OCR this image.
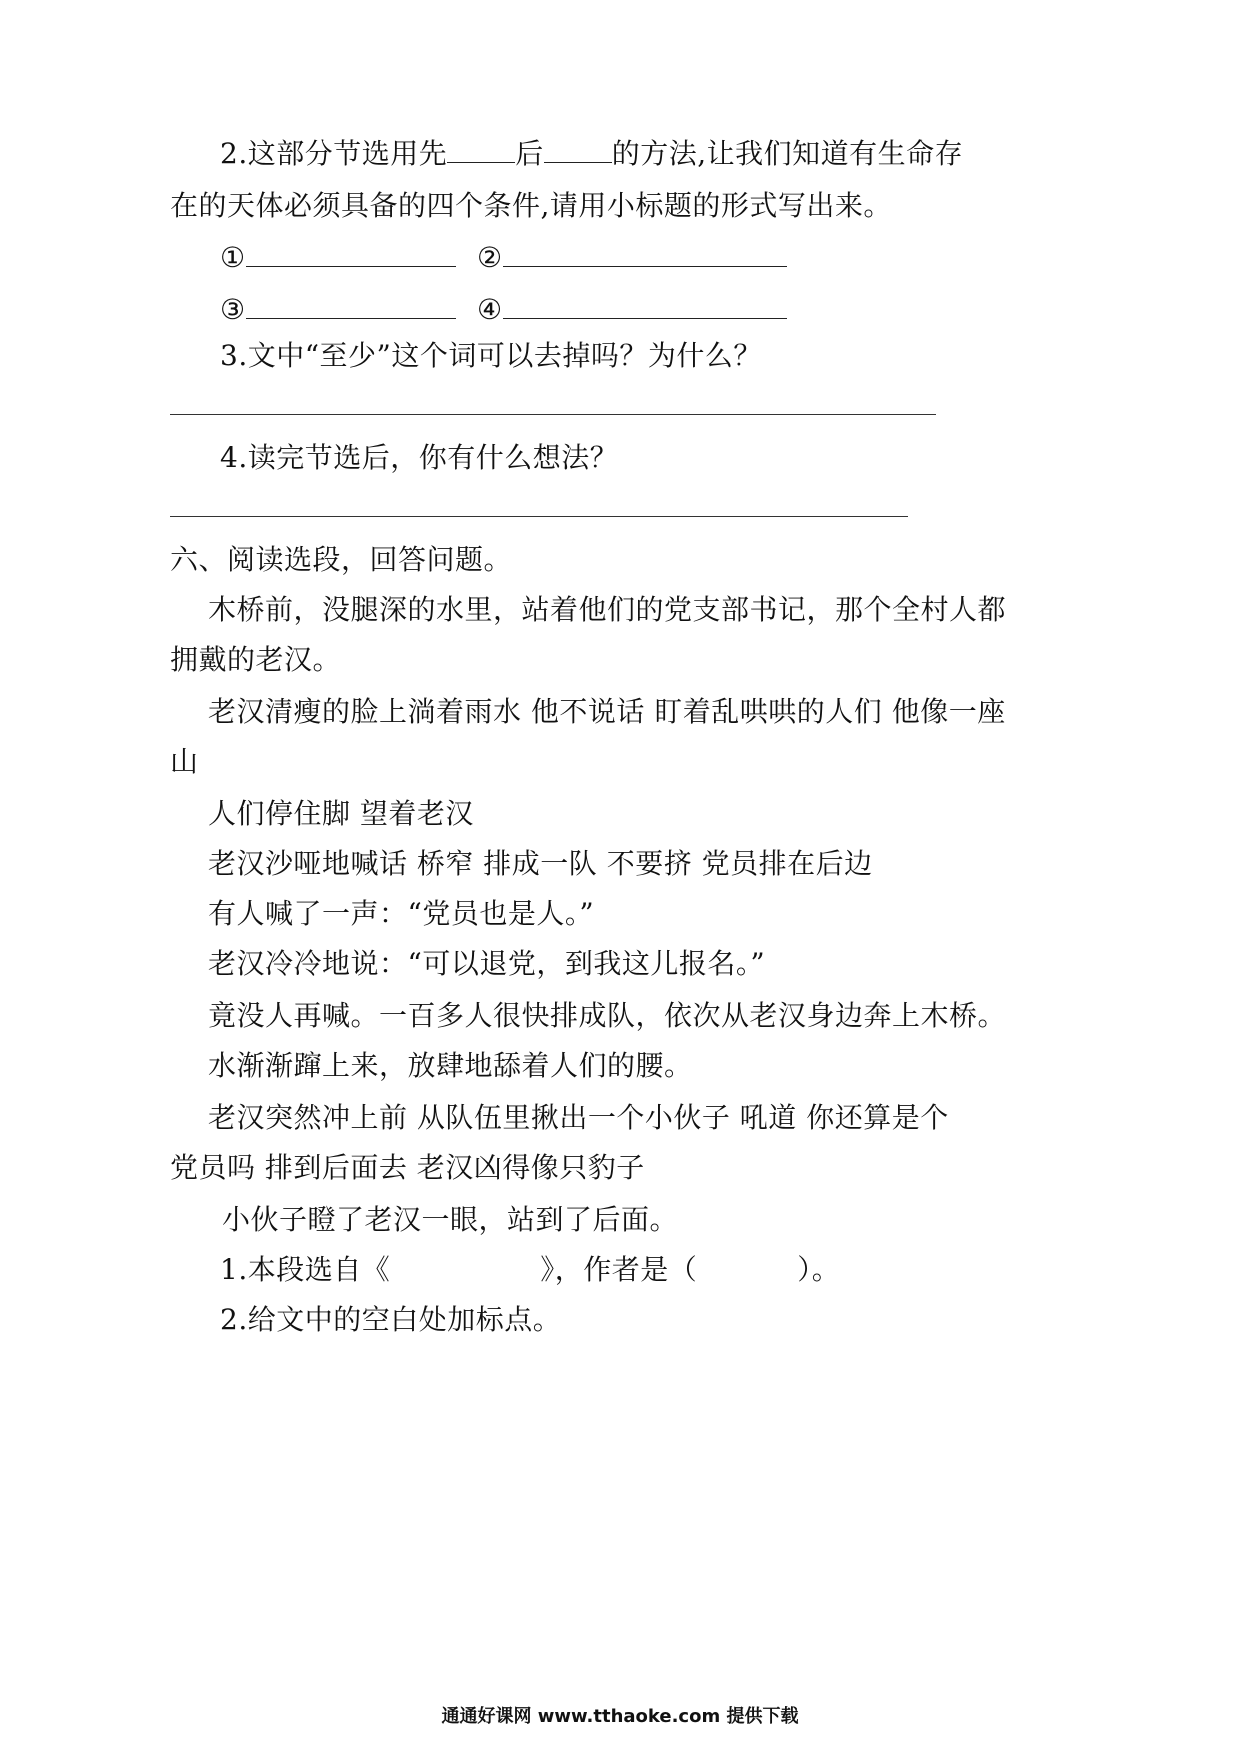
2.这部分节选用先 后 的方法,让我们知道有生命存
在的天体必须具备的四个条件,请用小标题的形式写出来。
①	②
③	④
3.文中“至少”这个词可以去掉吗？为什么？
4.读完节选后，你有什么想法？
六、阅读选段，回答问题。
木桥前，没腿深的水里，站着他们的党支部书记，那个全村人都
拥戴的老汉。
老汉清瘦的脸上淌着雨水 他不说话 盯着乱哄哄的人们 他像一座
山
人们停住脚 望着老汉
老汉沙哑地喊话 桥窄 排成一队 不要挤 党员排在后边
有人喊了一声：“党员也是人。”
老汉冷冷地说：“可以退党，到我这儿报名。”
竟没人再喊。一百多人很快排成队，依次从老汉身边奔上木桥。
水渐渐蹿上来，放肆地舔着人们的腰。
老汉突然冲上前 从队伍里揪出一个小伙子 吼道 你还算是个
党员吗 排到后面去 老汉凶得像只豹子
小伙子瞪了老汉一眼，站到了后面。
1.本段选自《	》，作者是（	）。
2.给文中的空白处加标点。
通通好课网 www.tthaoke.com 提供下载
